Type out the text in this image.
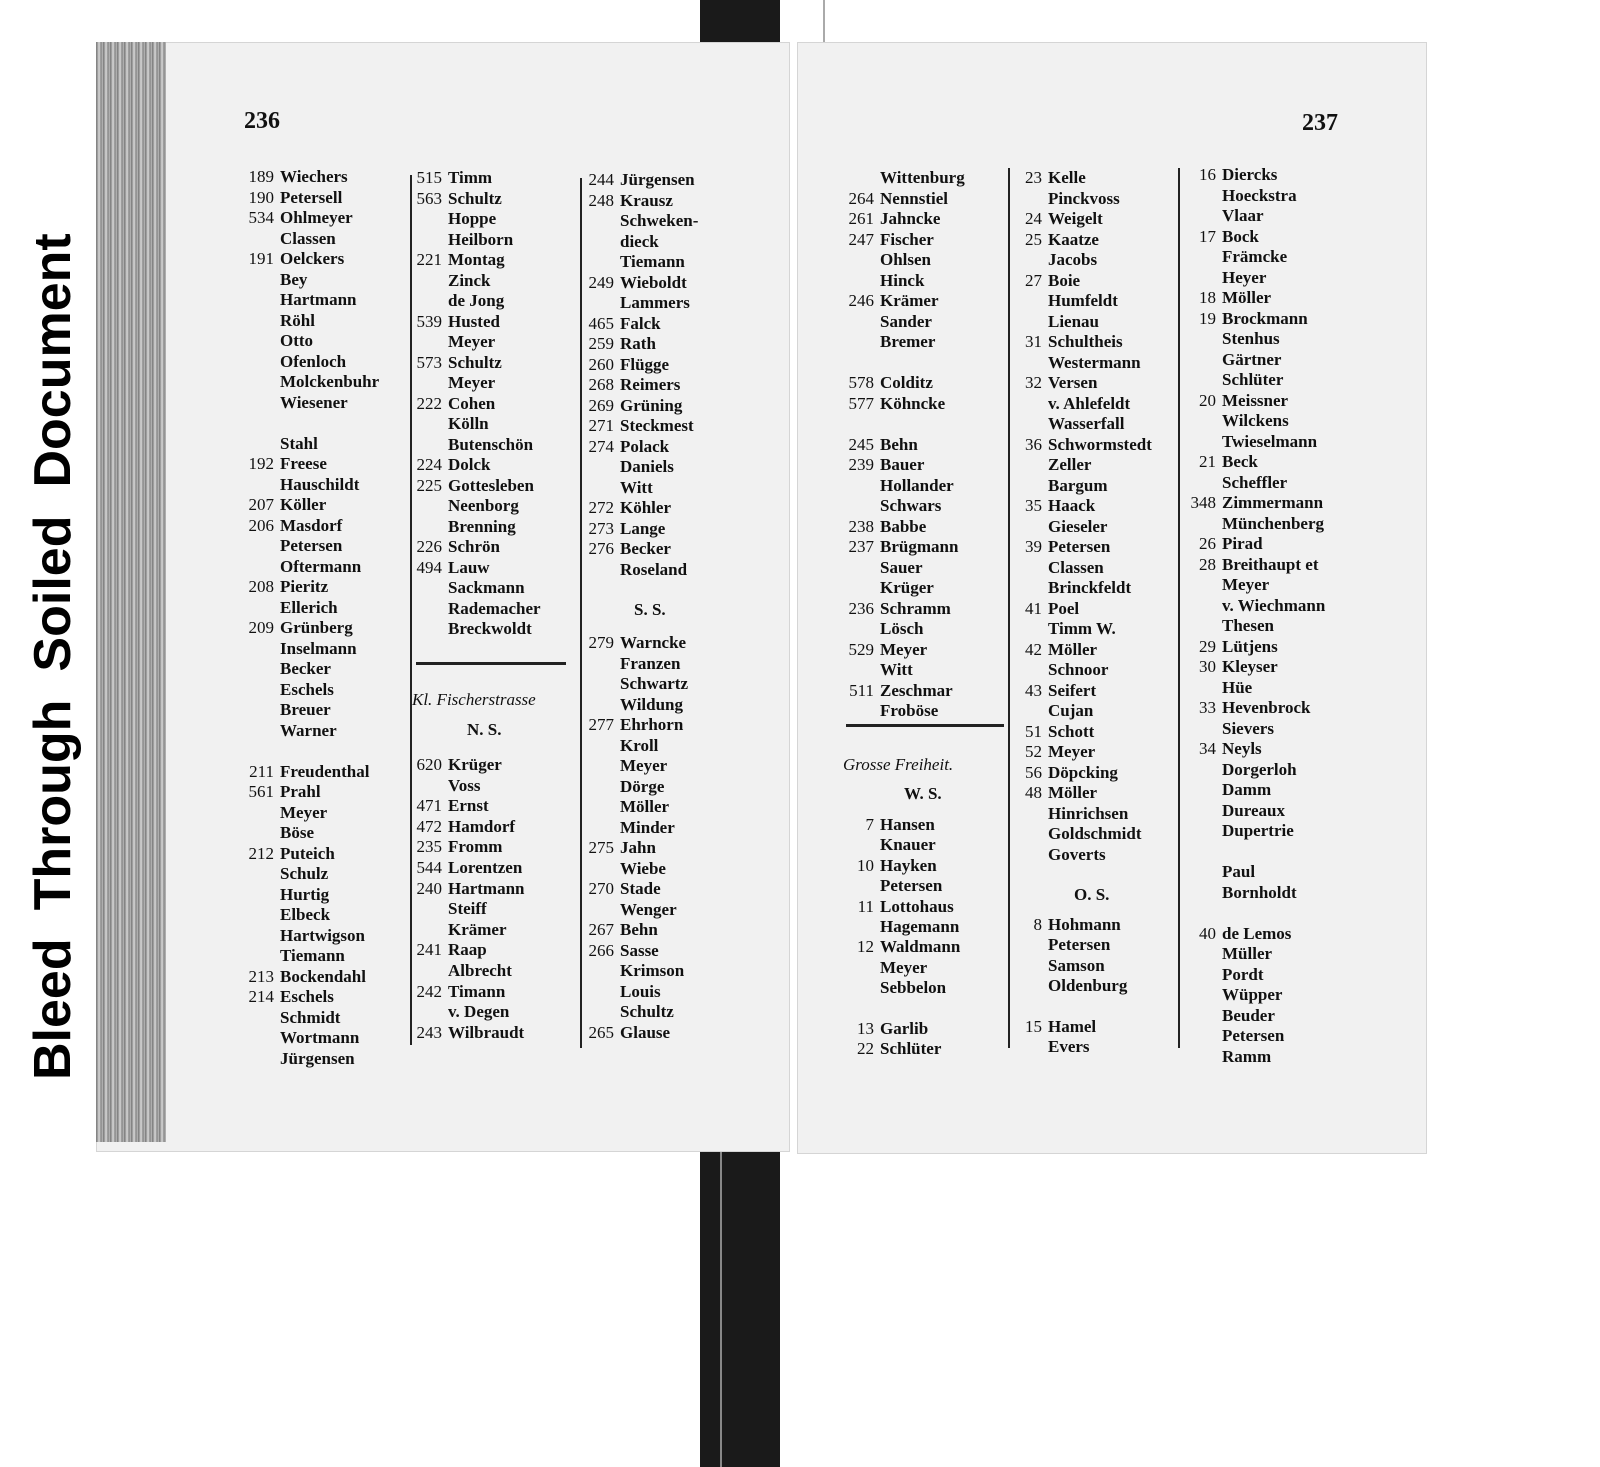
BleedThroughSoiledDocument
236	237
Kl. Fischerstrasse
N. S.
S. S.
Grosse Freiheit.
W. S.
O. S.
189 Wiechers
190 Petersell
534 Ohlmeyer
Classen
191 Oelckers
Bey
Hartmann
Röhl
Otto
Ofenloch
Molckenbuhr
Wiesener
Stahl
192 Freese
Hauschildt
207 Köller
206 Masdorf
Petersen
Oftermann
208 Pieritz
Ellerich
209 Grünberg
Inselmann
Becker
Eschels
Breuer
Warner
211 Freudenthal
561 Prahl
Meyer
Böse
212 Puteich
Schulz
Hurtig
Elbeck
Hartwigson
Tiemann
213 Bockendahl
214 Eschels
Schmidt
Wortmann
Jürgensen
515 Timm
563 Schultz
Hoppe
Heilborn
221 Montag
Zinck
de Jong
539 Husted
Meyer
573 Schultz
Meyer
222 Cohen
Kölln
Butenschön
224 Dolck
225 Gottesleben
Neenborg
Brenning
226 Schrön
494 Lauw
Sackmann
Rademacher
Breckwoldt
620 Krüger
Voss
471 Ernst
472 Hamdorf
235 Fromm
544 Lorentzen
240 Hartmann
Steiff
Krämer
241 Raap
Albrecht
242 Timann
v. Degen
243 Wilbraudt
244 Jürgensen
248 Krausz
Schweken-
dieck
Tiemann
249 Wieboldt
Lammers
465 Falck
259 Rath
260 Flügge
268 Reimers
269 Grüning
271 Steckmest
274 Polack
Daniels
Witt
272 Köhler
273 Lange
276 Becker
Roseland
279 Warncke
Franzen
Schwartz
Wildung
277 Ehrhorn
Kroll
Meyer
Dörge
Möller
Minder
275 Jahn
Wiebe
270 Stade
Wenger
267 Behn
266 Sasse
Krimson
Louis
Schultz
265 Glause
Wittenburg
264 Nennstiel
261 Jahncke
247 Fischer
Ohlsen
Hinck
246 Krämer
Sander
Bremer
578 Colditz
577 Köhncke
245 Behn
239 Bauer
Hollander
Schwars
238 Babbe
237 Brügmann
Sauer
Krüger
236 Schramm
Lösch
529 Meyer
Witt
511 Zeschmar
Froböse
7 Hansen
Knauer
10 Hayken
Petersen
11 Lottohaus
Hagemann
12 Waldmann
Meyer
Sebbelon
13 Garlib
22 Schlüter
23 Kelle
Pinckvoss
24 Weigelt
25 Kaatze
Jacobs
27 Boie
Humfeldt
Lienau
31 Schultheis
Westermann
32 Versen
v. Ahlefeldt
Wasserfall
36 Schwormstedt
Zeller
Bargum
35 Haack
Gieseler
39 Petersen
Classen
Brinckfeldt
41 Poel
Timm W.
42 Möller
Schnoor
43 Seifert
Cujan
51 Schott
52 Meyer
56 Döpcking
48 Möller
Hinrichsen
Goldschmidt
Goverts
8 Hohmann
Petersen
Samson
Oldenburg
15 Hamel
Evers
16 Diercks
Hoeckstra
Vlaar
17 Bock
Främcke
Heyer
18 Möller
19 Brockmann
Stenhus
Gärtner
Schlüter
20 Meissner
Wilckens
Twieselmann
21 Beck
Scheffler
348 Zimmermann
Münchenberg
26 Pirad
28 Breithaupt et
Meyer
v. Wiechmann
Thesen
29 Lütjens
30 Kleyser
Hüe
33 Hevenbrock
Sievers
34 Neyls
Dorgerloh
Damm
Dureaux
Dupertrie
Paul
Bornholdt
40 de Lemos
Müller
Pordt
Wüpper
Beuder
Petersen
Ramm
